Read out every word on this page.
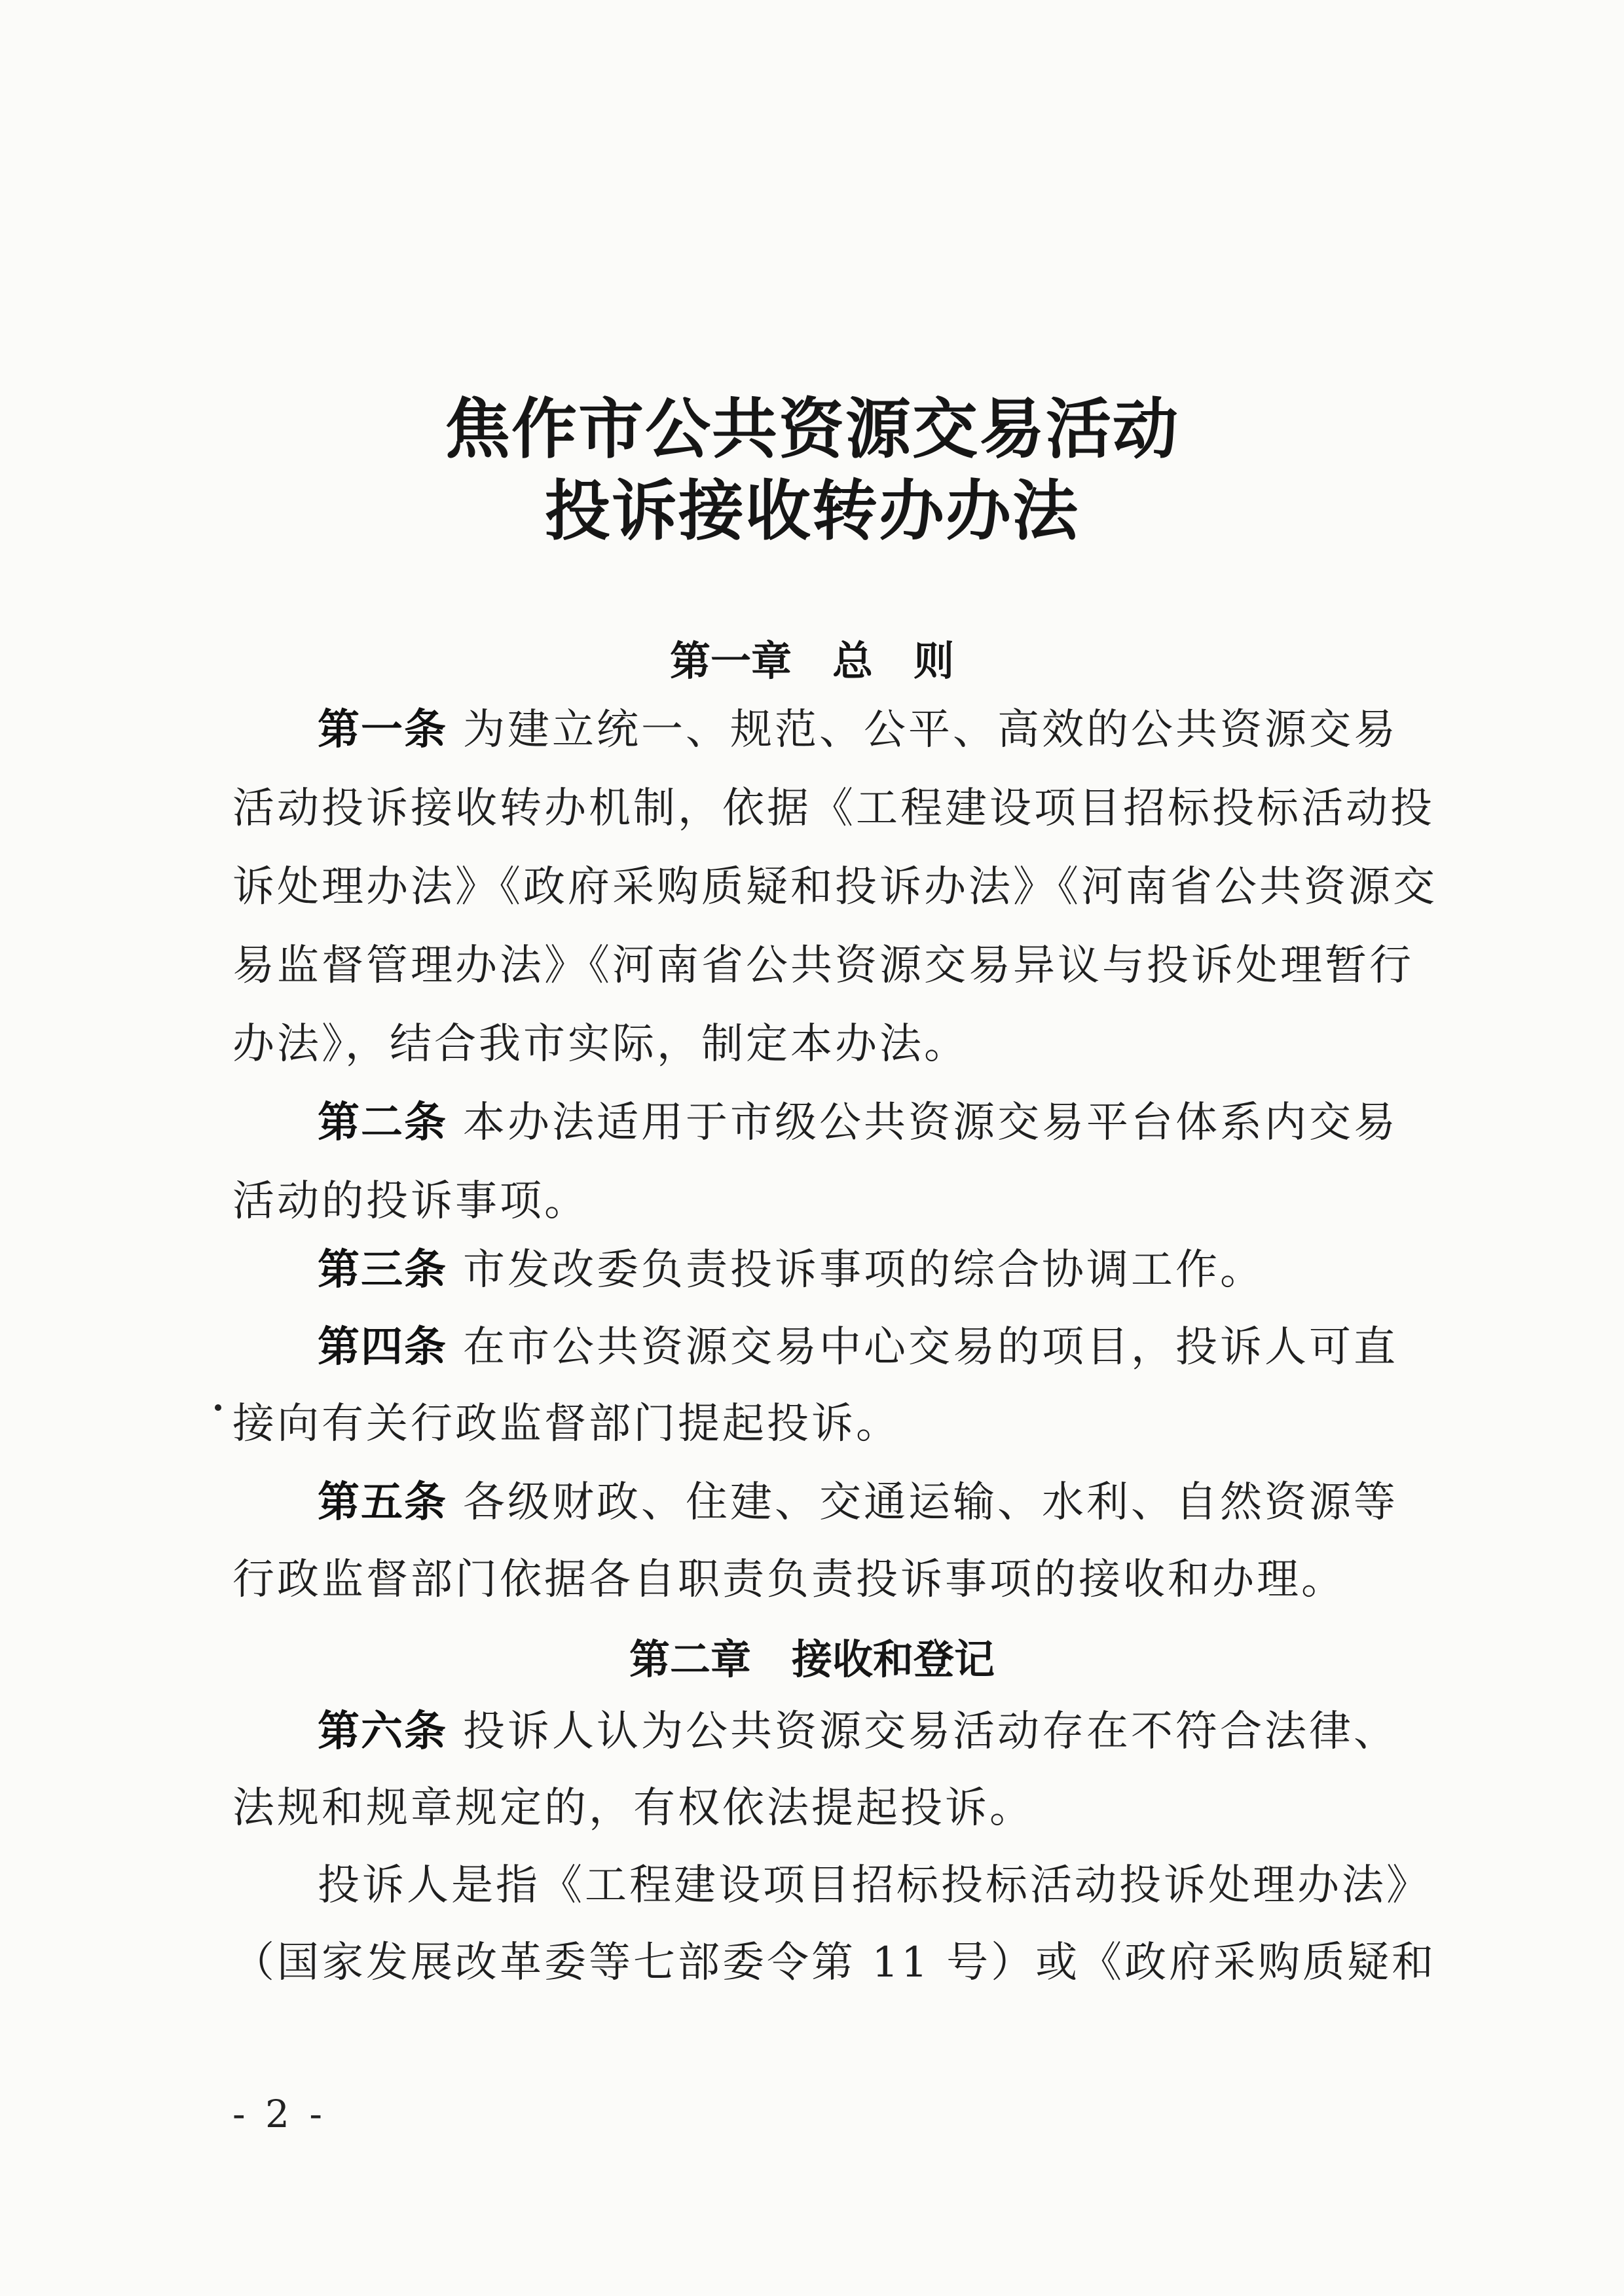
焦作市公共资源交易活动
投诉接收转办办法
第一章　总　则
第一条 为建立统一、规范、公平、高效的公共资源交易
活动投诉接收转办机制，依据《工程建设项目招标投标活动投
诉处理办法》《政府采购质疑和投诉办法》《河南省公共资源交
易监督管理办法》《河南省公共资源交易异议与投诉处理暂行
办法》，结合我市实际，制定本办法。
第二条 本办法适用于市级公共资源交易平台体系内交易
活动的投诉事项。
第三条 市发改委负责投诉事项的综合协调工作。
第四条 在市公共资源交易中心交易的项目，投诉人可直
接向有关行政监督部门提起投诉。
第五条 各级财政、住建、交通运输、水利、自然资源等
行政监督部门依据各自职责负责投诉事项的接收和办理。
第二章　接收和登记
第六条 投诉人认为公共资源交易活动存在不符合法律、
法规和规章规定的，有权依法提起投诉。
投诉人是指《工程建设项目招标投标活动投诉处理办法》
（国家发展改革委等七部委令第 11 号）或《政府采购质疑和
- 2 -
